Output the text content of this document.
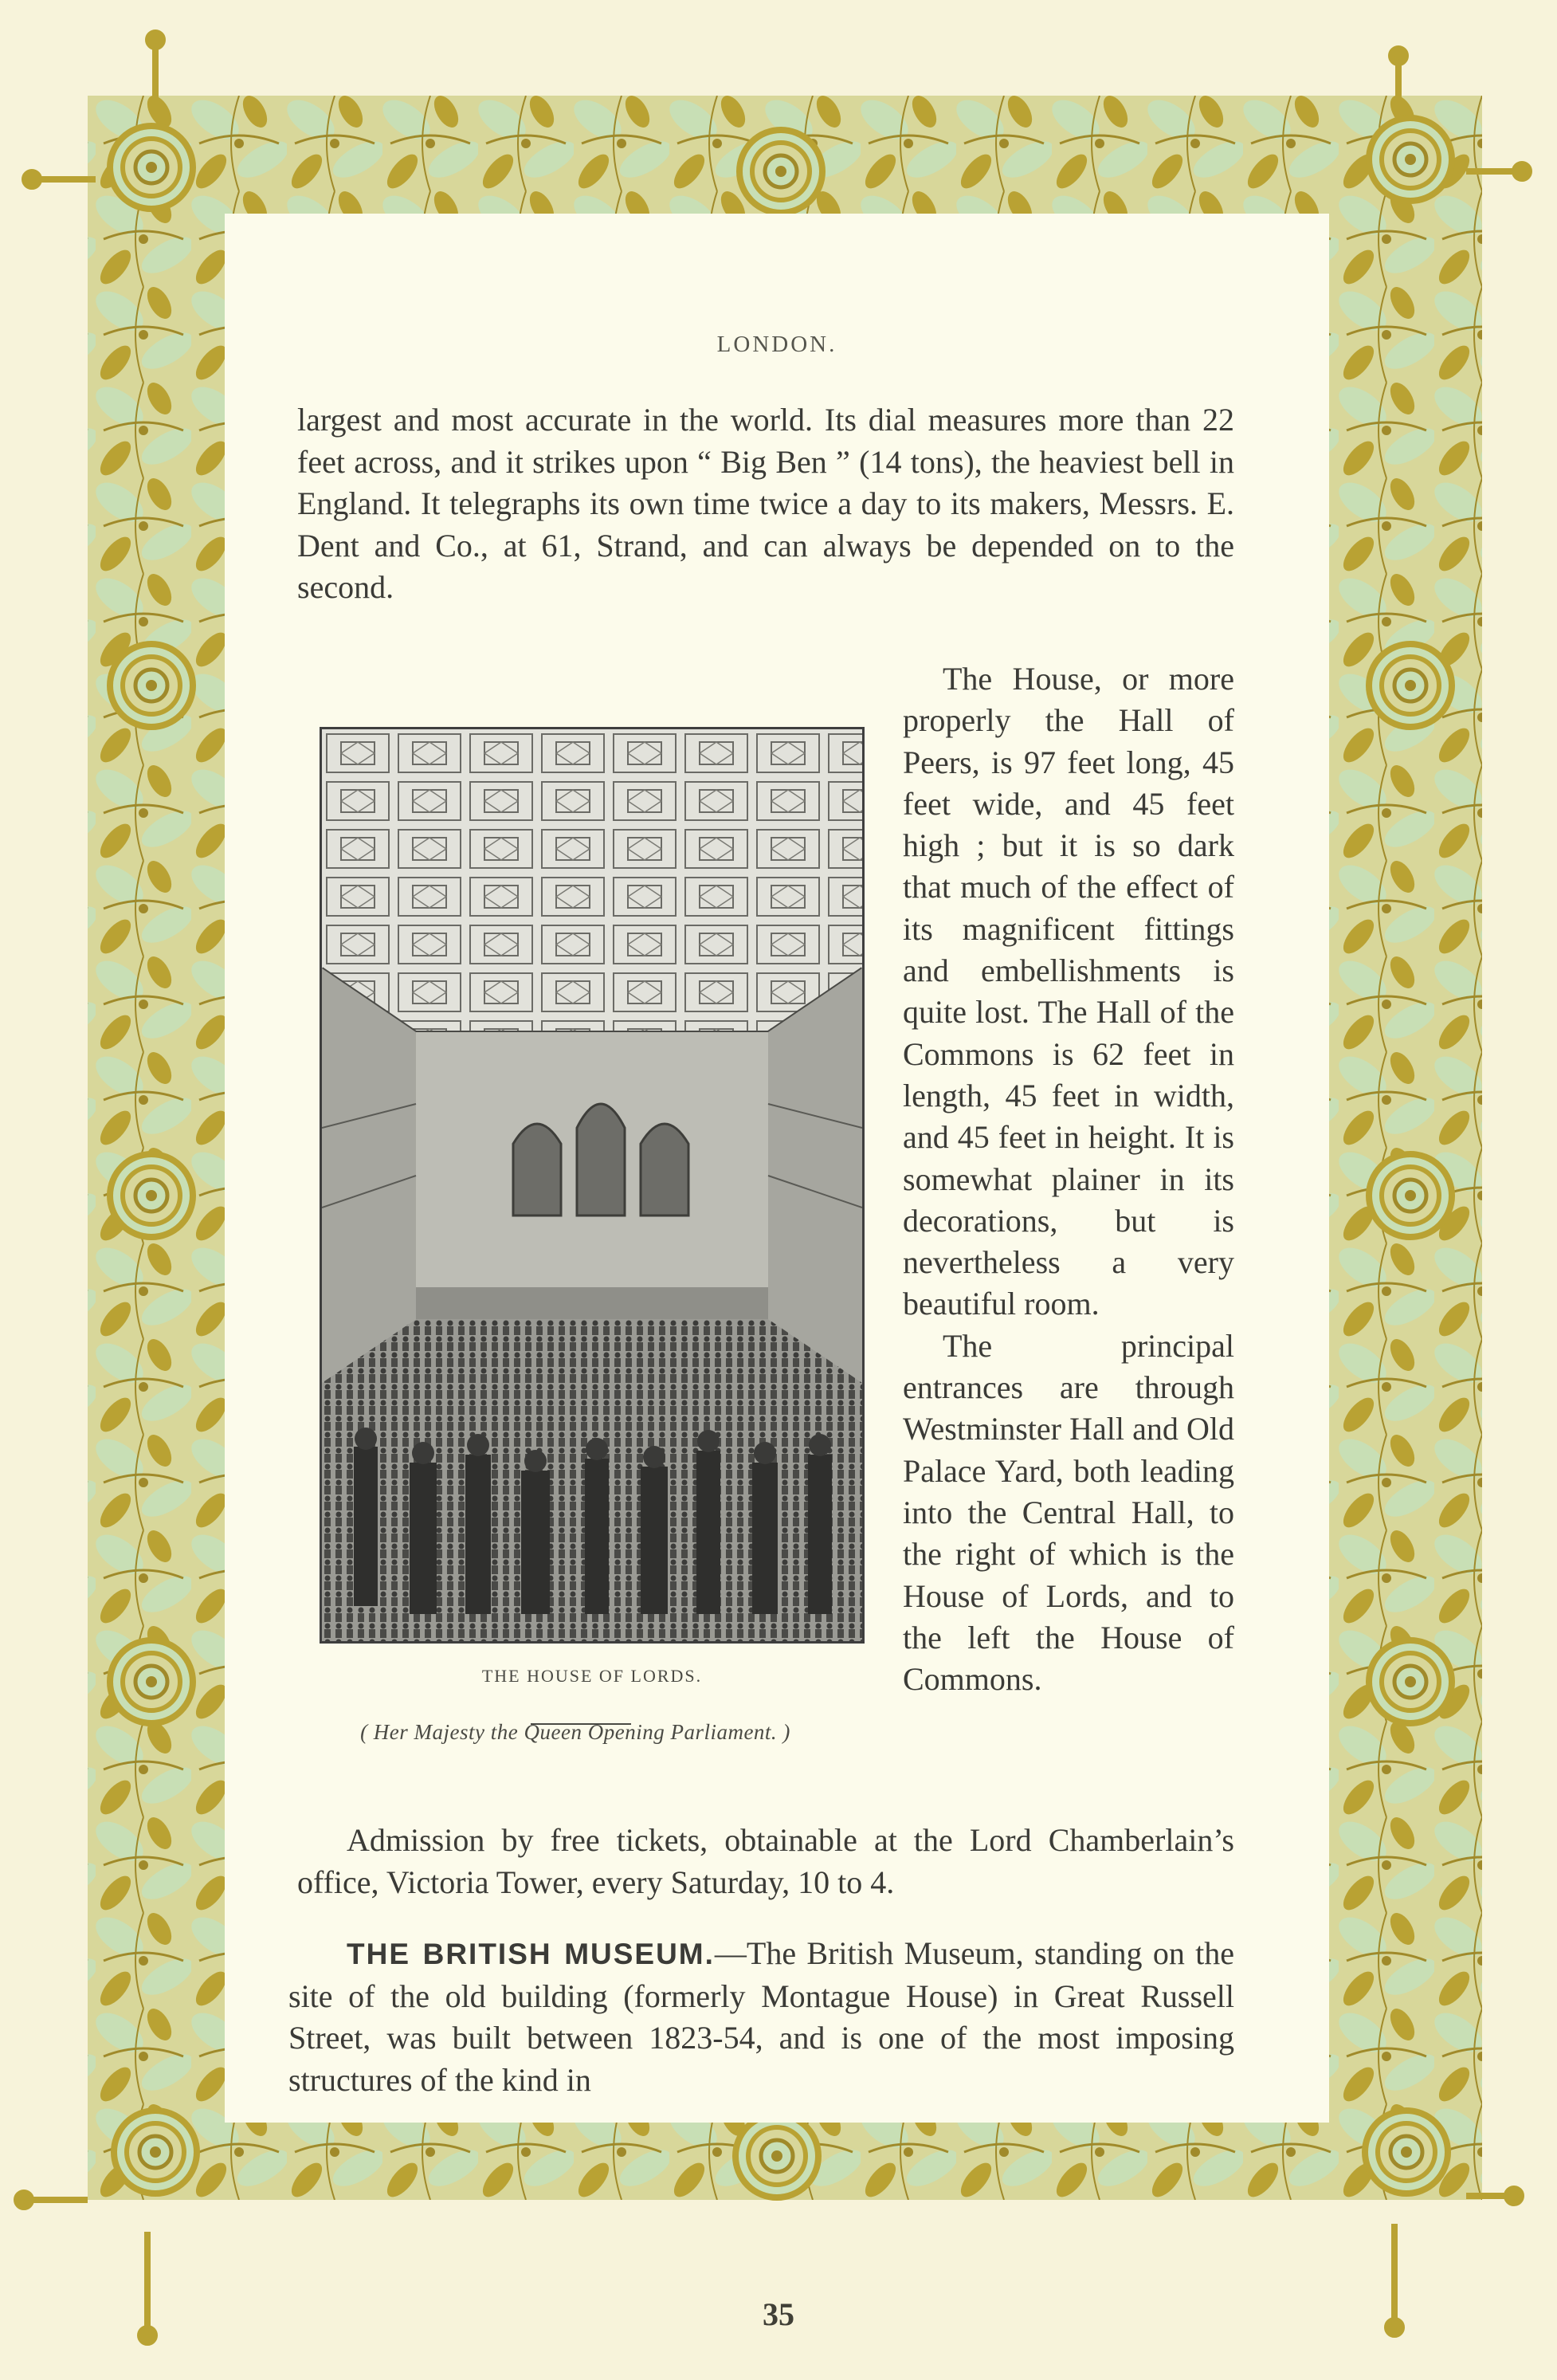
LONDON.

largest and most accurate in the world. Its dial measures more than 22 feet across, and it strikes upon “ Big Ben ” (14 tons), the heaviest bell in England. It telegraphs its own time twice a day to its makers, Messrs. E. Dent and Co., at 61, Strand, and can always be depended on to the second.

THE HOUSE OF LORDS.
( Her Majesty the Queen Opening Parliament. )

The House, or more properly the Hall of Peers, is 97 feet long, 45 feet wide, and 45 feet high ; but it is so dark that much of the effect of its magnificent fittings and embellishments is quite lost. The Hall of the Commons is 62 feet in length, 45 feet in width, and 45 feet in height. It is somewhat plainer in its decorations, but is nevertheless a very beautiful room.

The principal entrances are through Westminster Hall and Old Palace Yard, both leading into the Central Hall, to the right of which is the House of Lords, and to the left the House of Commons.

Admission by free tickets, obtainable at the Lord Chamberlain’s office, Victoria Tower, every Saturday, 10 to 4.

THE BRITISH MUSEUM.—The British Museum, standing on the site of the old building (formerly Montague House) in Great Russell Street, was built between 1823-54, and is one of the most imposing structures of the kind in

35
